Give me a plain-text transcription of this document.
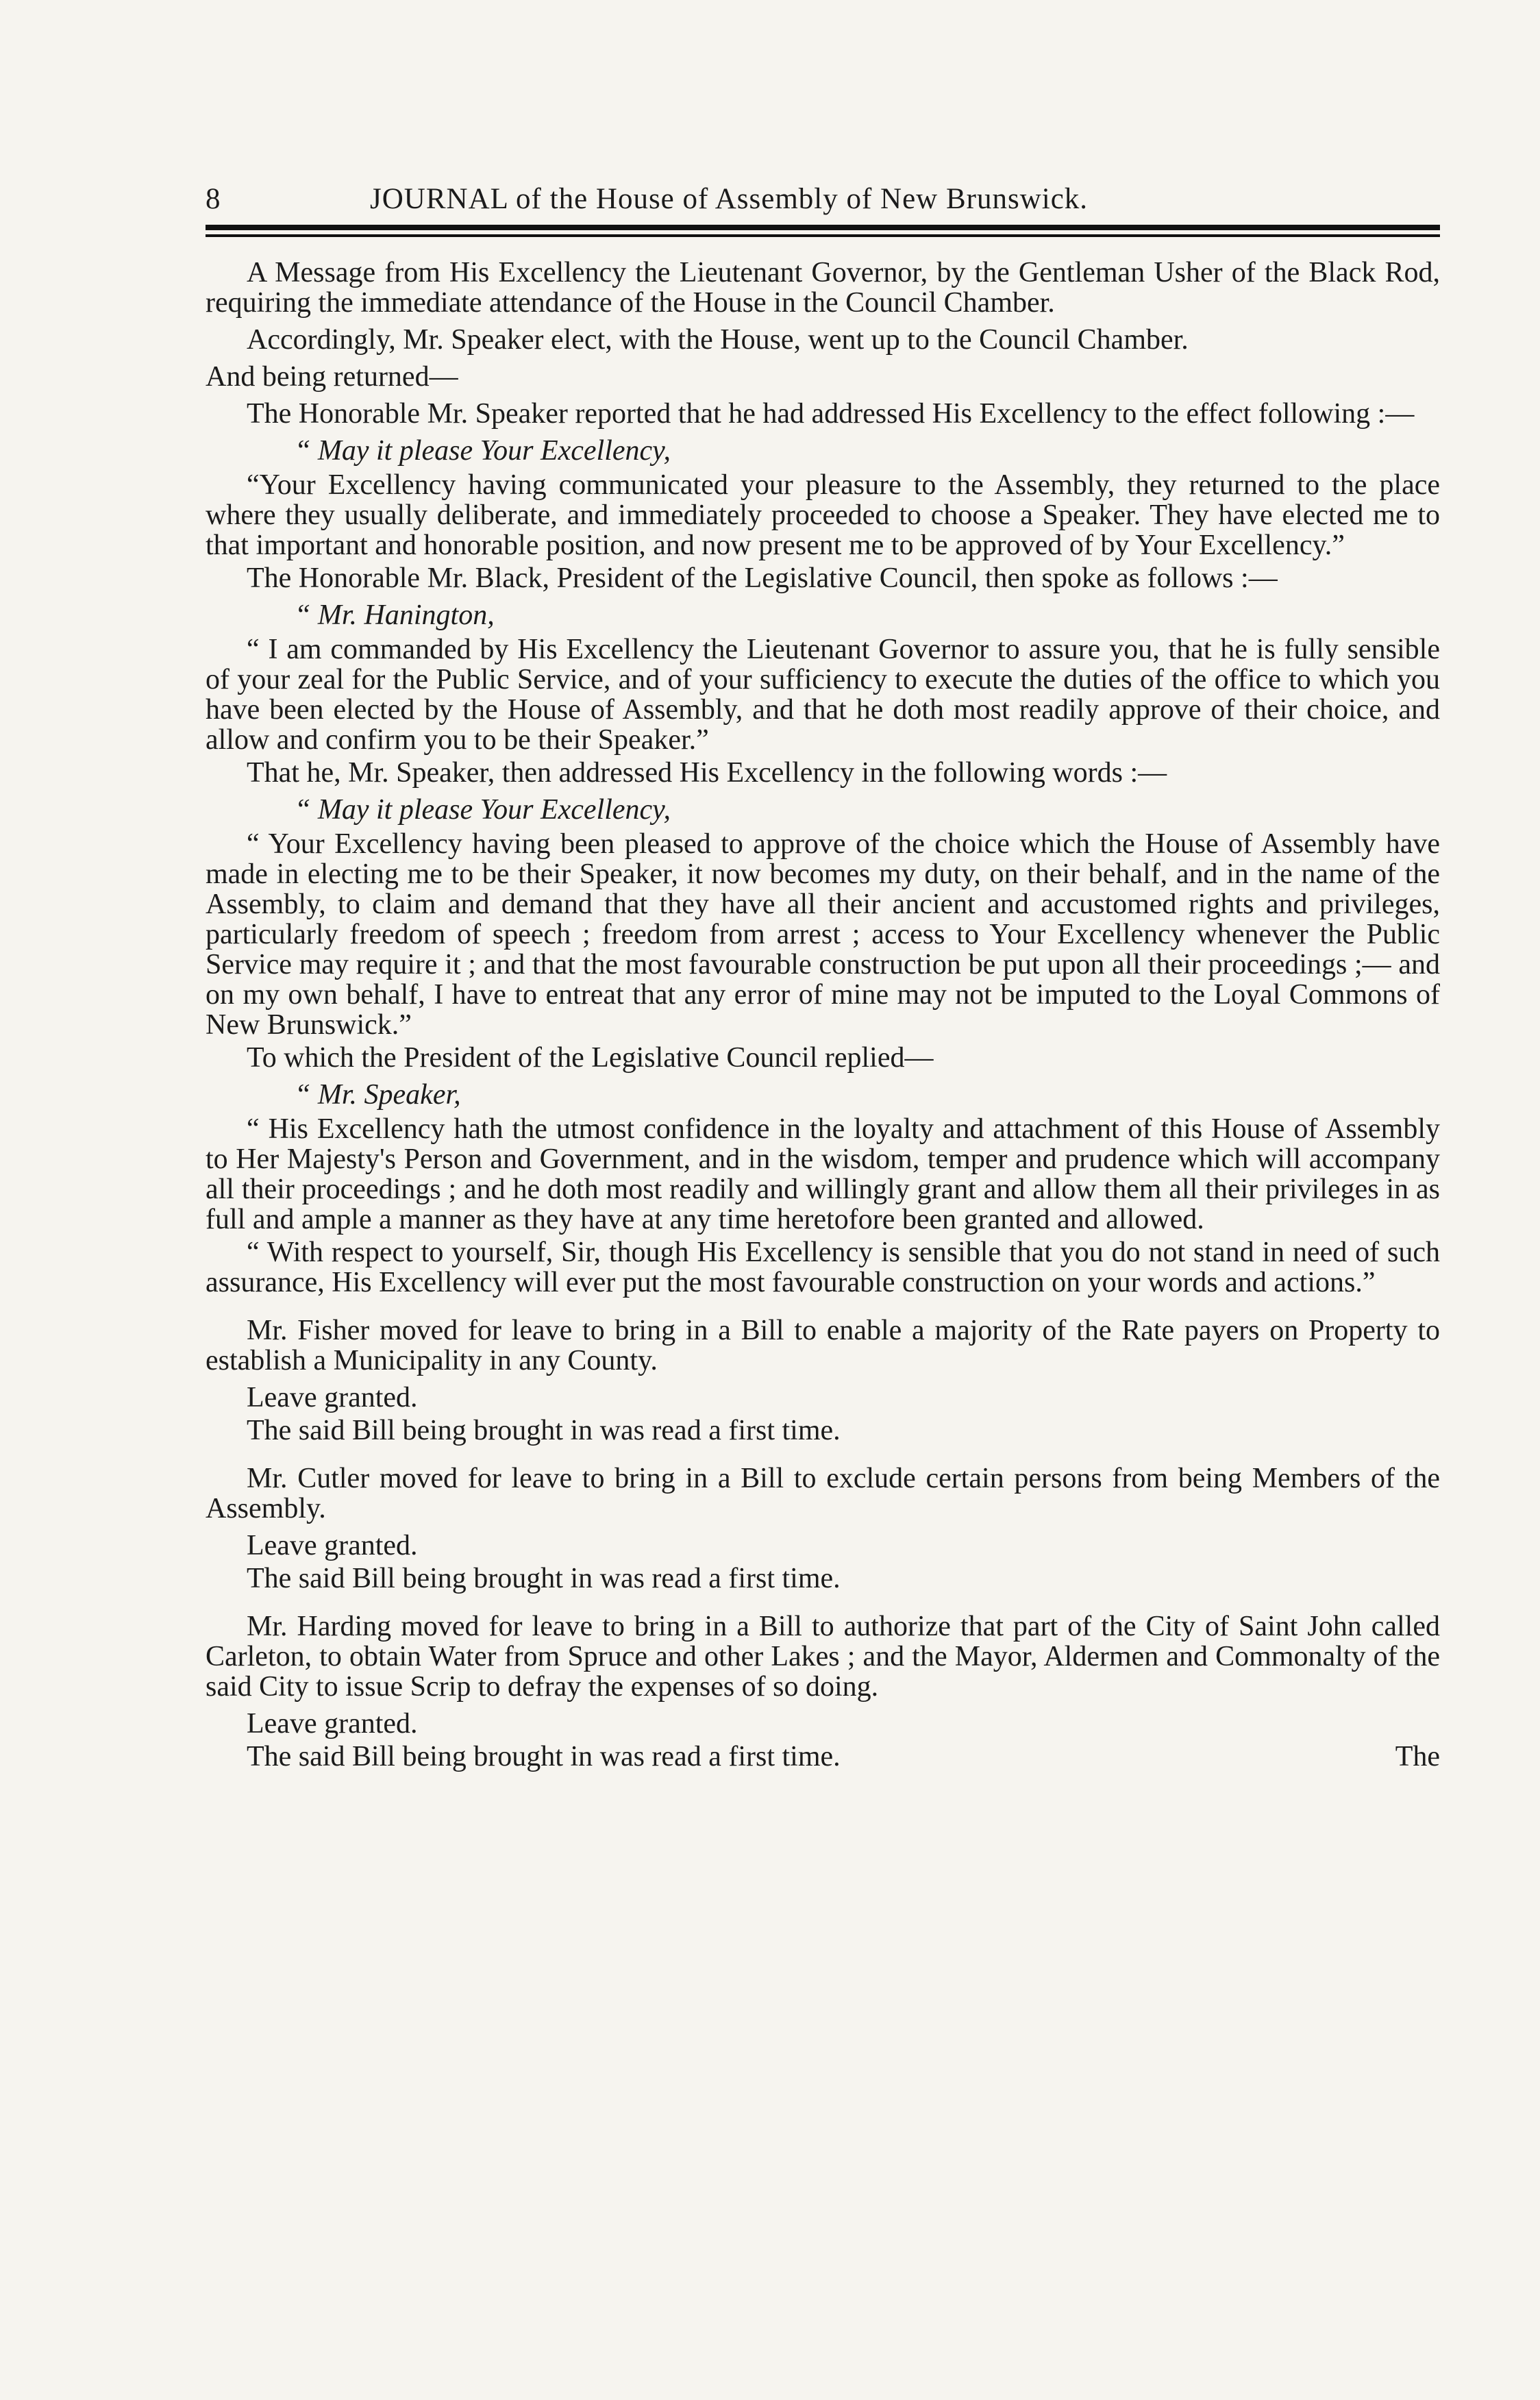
8	JOURNAL of the House of Assembly of New Brunswick.

A Message from His Excellency the Lieutenant Governor, by the Gentleman Usher of the Black Rod, requiring the immediate attendance of the House in the Council Chamber.

Accordingly, Mr. Speaker elect, with the House, went up to the Council Chamber.

And being returned—

The Honorable Mr. Speaker reported that he had addressed His Excellency to the effect following :—

“ May it please Your Excellency,

“Your Excellency having communicated your pleasure to the Assembly, they returned to the place where they usually deliberate, and immediately proceeded to choose a Speaker. They have elected me to that important and honorable position, and now present me to be approved of by Your Excellency.”

The Honorable Mr. Black, President of the Legislative Council, then spoke as follows :—

“ Mr. Hanington,

“ I am commanded by His Excellency the Lieutenant Governor to assure you, that he is fully sensible of your zeal for the Public Service, and of your sufficiency to execute the duties of the office to which you have been elected by the House of Assembly, and that he doth most readily approve of their choice, and allow and confirm you to be their Speaker.”

That he, Mr. Speaker, then addressed His Excellency in the following words :—

“ May it please Your Excellency,

“ Your Excellency having been pleased to approve of the choice which the House of Assembly have made in electing me to be their Speaker, it now becomes my duty, on their behalf, and in the name of the Assembly, to claim and demand that they have all their ancient and accustomed rights and privileges, particularly freedom of speech ; freedom from arrest ; access to Your Excellency whenever the Public Service may require it ; and that the most favourable construction be put upon all their proceedings ;— and on my own behalf, I have to entreat that any error of mine may not be imputed to the Loyal Commons of New Brunswick.”

To which the President of the Legislative Council replied—

“ Mr. Speaker,

“ His Excellency hath the utmost confidence in the loyalty and attachment of this House of Assembly to Her Majesty's Person and Government, and in the wisdom, temper and prudence which will accompany all their proceedings ; and he doth most readily and willingly grant and allow them all their privileges in as full and ample a manner as they have at any time heretofore been granted and allowed.

“ With respect to yourself, Sir, though His Excellency is sensible that you do not stand in need of such assurance, His Excellency will ever put the most favourable construction on your words and actions.”

Mr. Fisher moved for leave to bring in a Bill to enable a majority of the Rate payers on Property to establish a Municipality in any County.

Leave granted.

The said Bill being brought in was read a first time.

Mr. Cutler moved for leave to bring in a Bill to exclude certain persons from being Members of the Assembly.

Leave granted.

The said Bill being brought in was read a first time.

Mr. Harding moved for leave to bring in a Bill to authorize that part of the City of Saint John called Carleton, to obtain Water from Spruce and other Lakes ; and the Mayor, Aldermen and Commonalty of the said City to issue Scrip to defray the expenses of so doing.

Leave granted.

The said Bill being brought in was read a first time.	The
